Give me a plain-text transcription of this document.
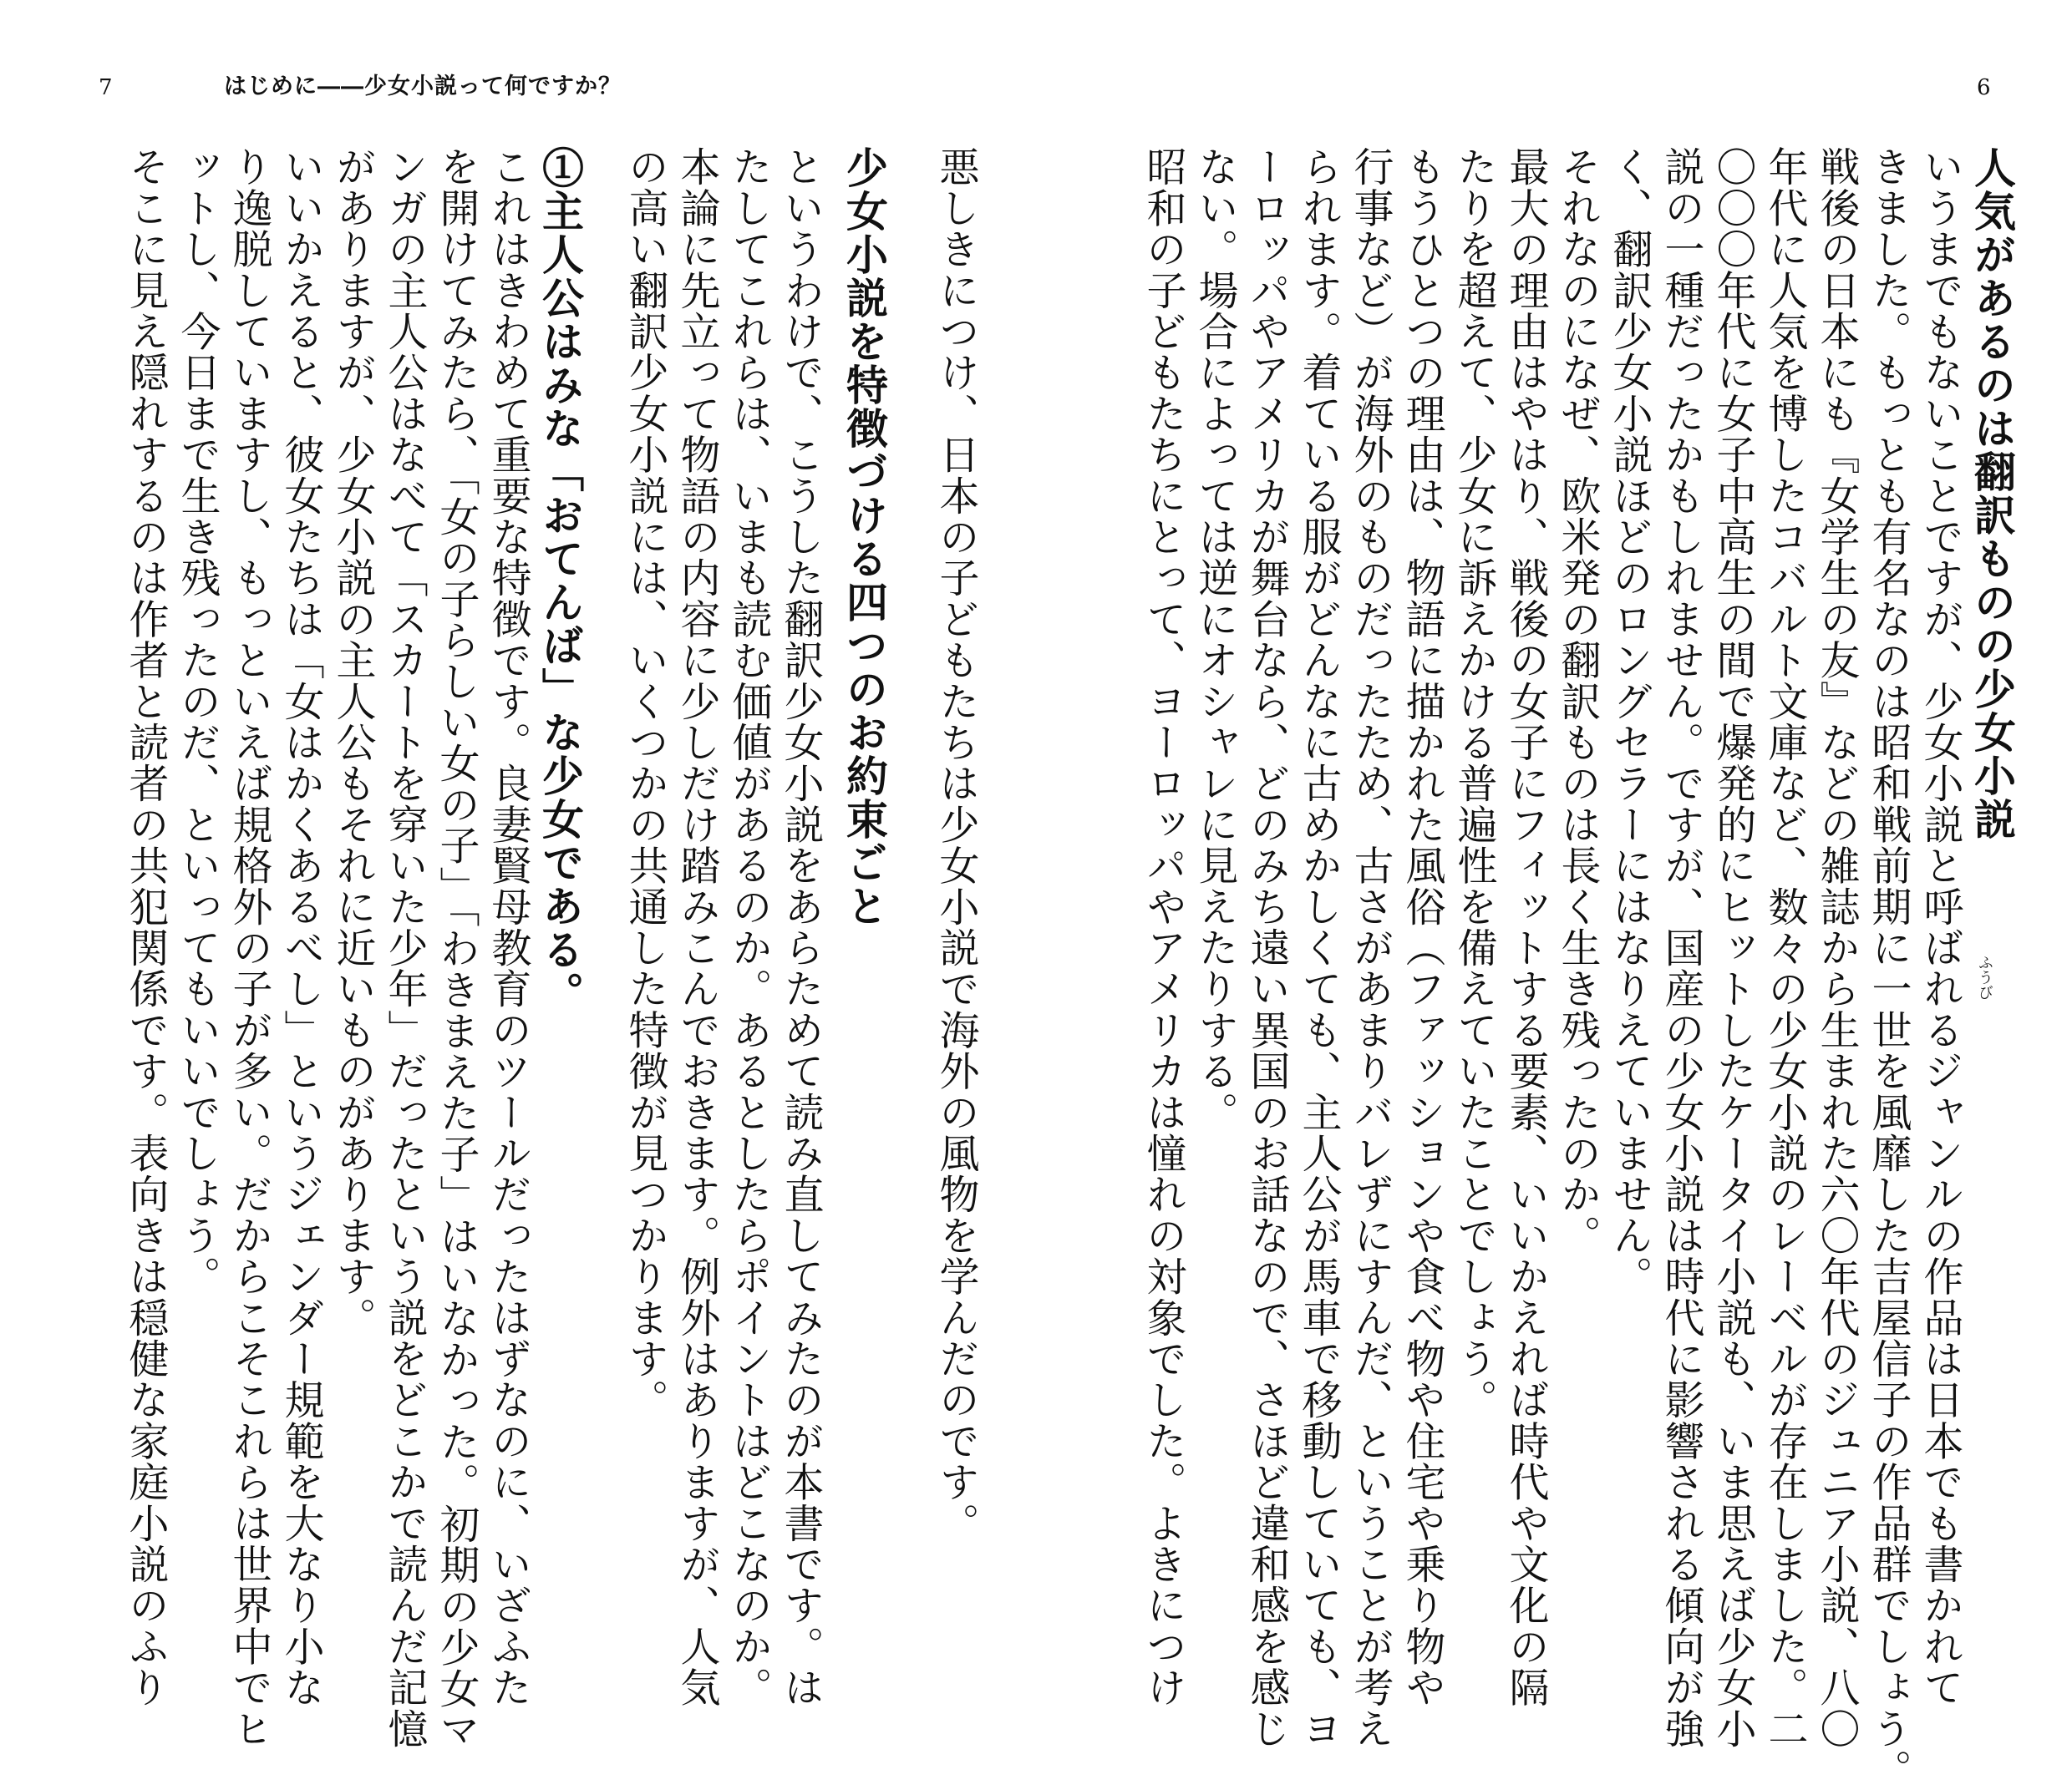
7	はじめに――少女小説って何ですか？	6
人気があるのは翻訳ものの少女小説
いうまでもないことですが、少女小説と呼ばれるジャンルの作品は日本でも書かれて
きました。もっとも有名なのは昭和戦前期に一世を風靡した吉屋信子の作品群でしょう。
戦後の日本にも『女学生の友』などの雑誌から生まれた六〇年代のジュニア小説、八〇
年代に人気を博したコバルト文庫など、数々の少女小説のレーベルが存在しました。二
〇〇〇年代に女子中高生の間で爆発的にヒットしたケータイ小説も、いま思えば少女小
説の一種だったかもしれません。ですが、国産の少女小説は時代に影響される傾向が強
く、翻訳少女小説ほどのロングセラーにはなりえていません。
それなのになぜ、欧米発の翻訳ものは長く生き残ったのか。
最大の理由はやはり、戦後の女子にフィットする要素、いいかえれば時代や文化の隔
たりを超えて、少女に訴えかける普遍性を備えていたことでしょう。
もうひとつの理由は、物語に描かれた風俗（ファッションや食べ物や住宅や乗り物や
行事など）が海外のものだったため、古さがあまりバレずにすんだ、ということが考え
られます。着ている服がどんなに古めかしくても、主人公が馬車で移動していても、ヨ
ーロッパやアメリカが舞台なら、どのみち遠い異国のお話なので、さほど違和感を感じ
ない。場合によっては逆にオシャレに見えたりする。
昭和の子どもたちにとって、ヨーロッパやアメリカは憧れの対象でした。よきにつけ	ふうび
悪しきにつけ、日本の子どもたちは少女小説で海外の風物を学んだのです。
少女小説を特徴づける四つのお約束ごと
というわけで、こうした翻訳少女小説をあらためて読み直してみたのが本書です。は
たしてこれらは、いまも読む価値があるのか。あるとしたらポイントはどこなのか。
本論に先立って物語の内容に少しだけ踏みこんでおきます。例外はありますが、人気
の高い翻訳少女小説には、いくつかの共通した特徴が見つかります。
①主人公はみな「おてんば」な少女である。
これはきわめて重要な特徴です。良妻賢母教育のツールだったはずなのに、いざふた
を開けてみたら、「女の子らしい女の子」「わきまえた子」はいなかった。初期の少女マ
ンガの主人公はなべて「スカートを穿いた少年」だったという説をどこかで読んだ記憶
がありますが、少女小説の主人公もそれに近いものがあります。
いいかえると、彼女たちは「女はかくあるべし」というジェンダー規範を大なり小な
り逸脱していますし、もっといえば規格外の子が多い。だからこそこれらは世界中でヒ
ットし、今日まで生き残ったのだ、といってもいいでしょう。
そこに見え隠れするのは作者と読者の共犯関係です。表向きは穏健な家庭小説のふり
